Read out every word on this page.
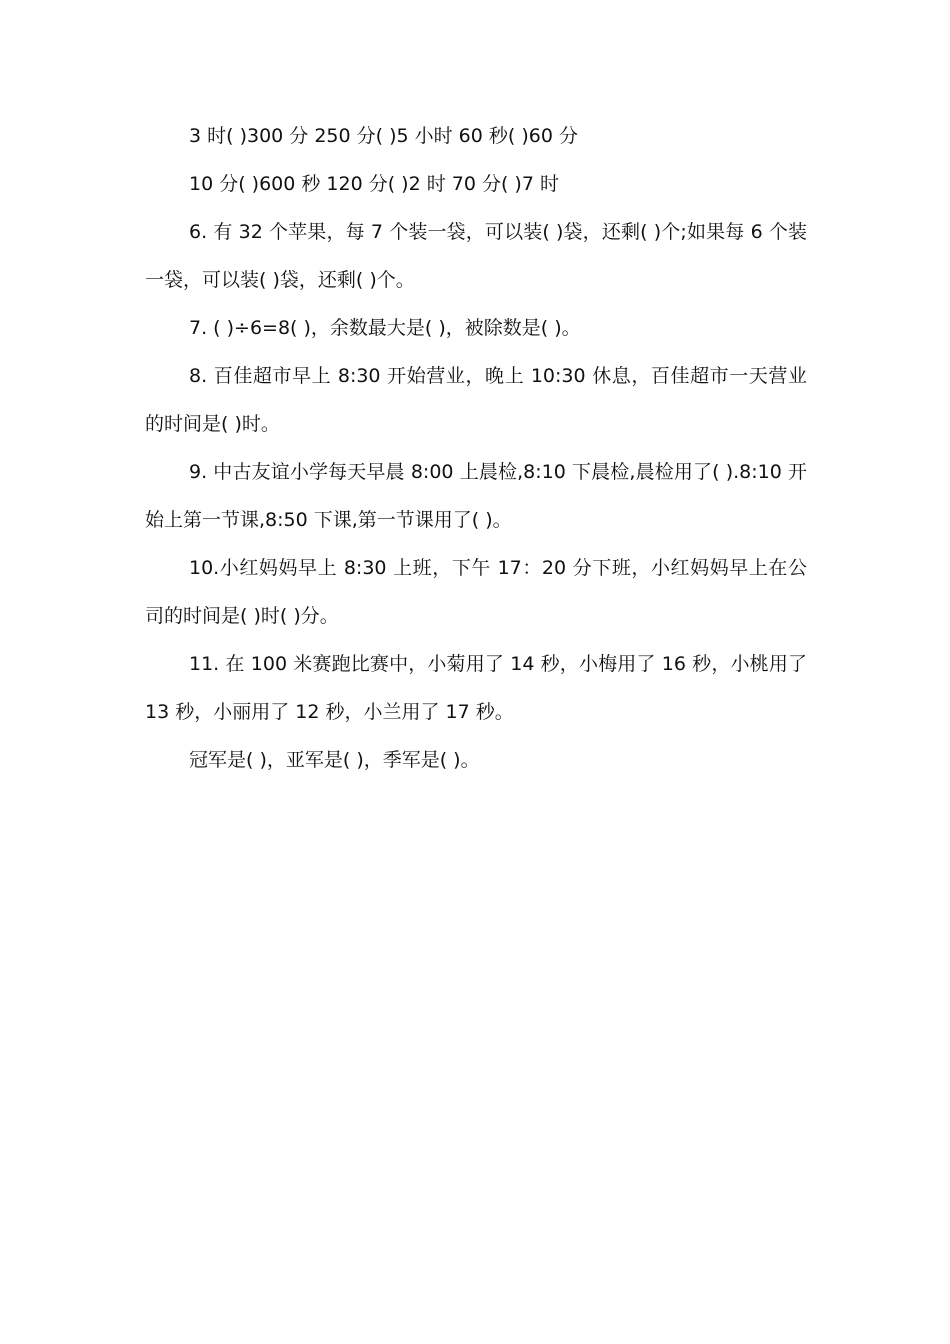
3 时( )300 分 250 分( )5 小时 60 秒( )60 分

10 分( )600 秒 120 分( )2 时 70 分( )7 时

6. 有 32 个苹果，每 7 个装一袋，可以装( )袋，还剩( )个;如果每 6 个装一袋，可以装( )袋，还剩( )个。

7. ( )÷6=8( )，余数最大是( )，被除数是( )。

8. 百佳超市早上 8:30 开始营业，晚上 10:30 休息，百佳超市一天营业的时间是( )时。

9. 中古友谊小学每天早晨 8:00 上晨检,8:10 下晨检,晨检用了( ).8:10 开始上第一节课,8:50 下课,第一节课用了( )。

10.小红妈妈早上 8:30 上班，下午 17：20 分下班，小红妈妈早上在公司的时间是( )时( )分。

11. 在 100 米赛跑比赛中，小菊用了 14 秒，小梅用了 16 秒，小桃用了 13 秒，小丽用了 12 秒，小兰用了 17 秒。

冠军是( )，亚军是( )，季军是( )。
